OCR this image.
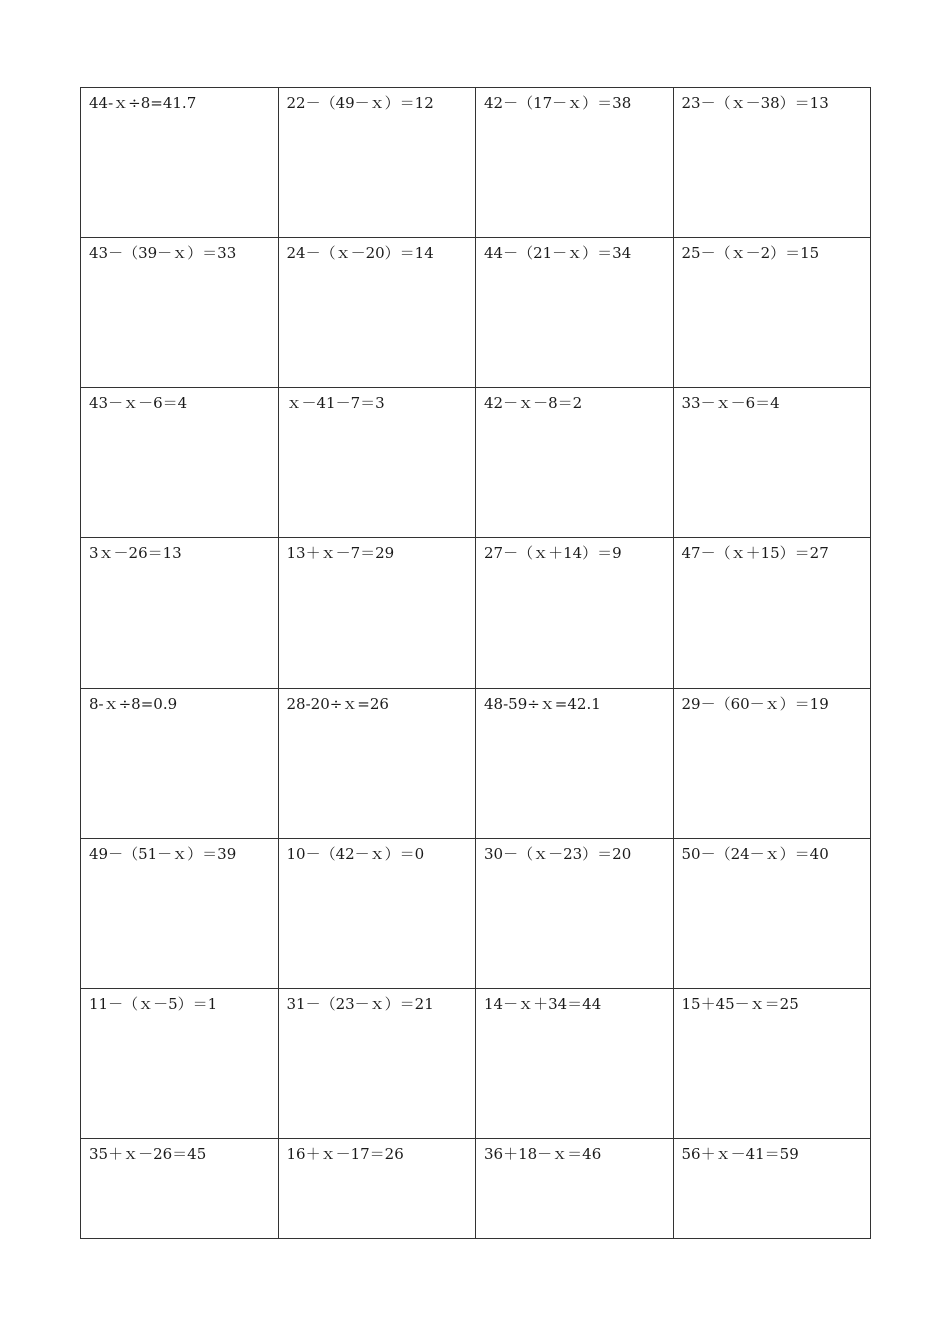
44-ｘ÷8=41.7	22－（49－ｘ）＝12	42－（17－ｘ）＝38	23－（ｘ－38）＝13
43－（39－ｘ）＝33	24－（ｘ－20）＝14	44－（21－ｘ）＝34	25－（ｘ－2）＝15
43－ｘ－6＝4	ｘ－41－7＝3	42－ｘ－8＝2	33－ｘ－6＝4
3ｘ－26＝13	13＋ｘ－7＝29	27－（ｘ＋14）＝9	47－（ｘ＋15）＝27
8-ｘ÷8=0.9	28-20÷ｘ=26	48-59÷ｘ=42.1	29－（60－ｘ）＝19
49－（51－ｘ）＝39	10－（42－ｘ）＝0	30－（ｘ－23）＝20	50－（24－ｘ）＝40
11－（ｘ－5）＝1	31－（23－ｘ）＝21	14－ｘ＋34＝44	15＋45－ｘ＝25
35＋ｘ－26＝45	16＋ｘ－17＝26	36＋18－ｘ＝46	56＋ｘ－41＝59
